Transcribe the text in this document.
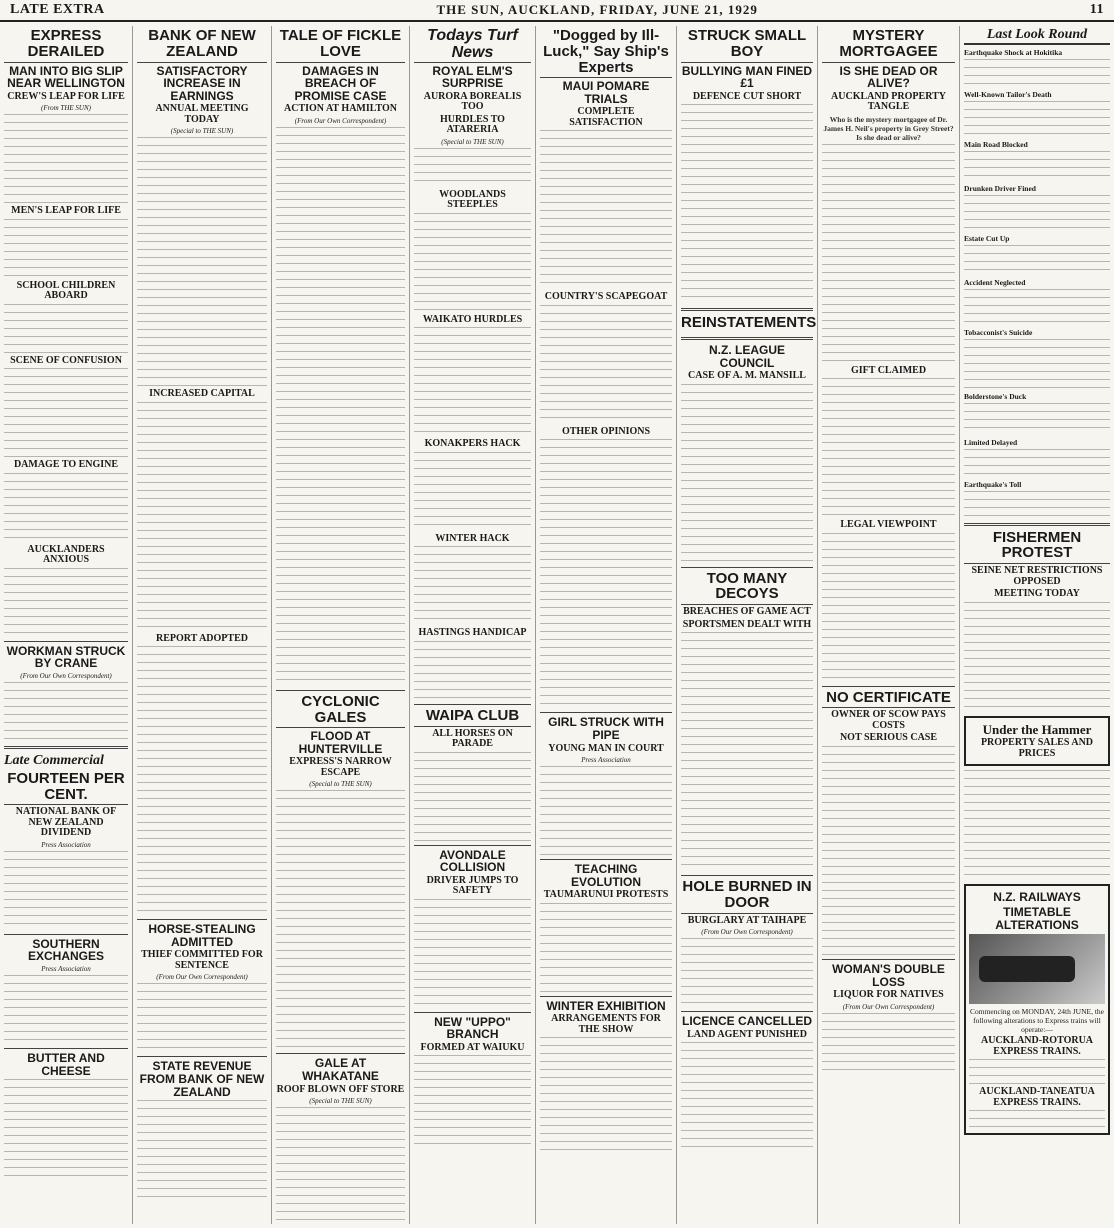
LATE EXTRA	THE SUN, AUCKLAND, FRIDAY, JUNE 21, 1929	11
EXPRESS DERAILED
MAN INTO BIG SLIP NEAR WELLINGTON
CREW'S LEAP FOR LIFE
(From THE SUN)
MEN'S LEAP FOR LIFE
SCHOOL CHILDREN ABOARD
SCENE OF CONFUSION
DAMAGE TO ENGINE
AUCKLANDERS ANXIOUS
WORKMAN STRUCK BY CRANE
(From Our Own Correspondent)
Late Commercial
FOURTEEN PER CENT.
NATIONAL BANK OF NEW ZEALAND DIVIDEND
Press Association
SOUTHERN EXCHANGES
Press Association
BUTTER AND CHEESE
BANK OF NEW ZEALAND
SATISFACTORY INCREASE IN EARNINGS
ANNUAL MEETING TODAY
(Special to THE SUN)
INCREASED CAPITAL
REPORT ADOPTED
HORSE-STEALING ADMITTED
THIEF COMMITTED FOR SENTENCE
(From Our Own Correspondent)
STATE REVENUE FROM BANK OF NEW ZEALAND
TALE OF FICKLE LOVE
DAMAGES IN BREACH OF PROMISE CASE
ACTION AT HAMILTON
(From Our Own Correspondent)
CYCLONIC GALES
FLOOD AT HUNTERVILLE
EXPRESS'S NARROW ESCAPE
(Special to THE SUN)
GALE AT WHAKATANE
ROOF BLOWN OFF STORE
(Special to THE SUN)
Todays Turf News
ROYAL ELM'S SURPRISE
AURORA BOREALIS TOO
HURDLES TO ATARERIA
(Special to THE SUN)
WOODLANDS STEEPLES
WAIKATO HURDLES
KONAKPERS HACK
WINTER HACK
HASTINGS HANDICAP
WAIPA CLUB
ALL HORSES ON PARADE
AVONDALE COLLISION
DRIVER JUMPS TO SAFETY
NEW "UPPO" BRANCH
FORMED AT WAIUKU
"Dogged by Ill-Luck," Say Ship's Experts
MAUI POMARE TRIALS
COMPLETE SATISFACTION
COUNTRY'S SCAPEGOAT
OTHER OPINIONS
GIRL STRUCK WITH PIPE
YOUNG MAN IN COURT
Press Association
TEACHING EVOLUTION
TAUMARUNUI PROTESTS
WINTER EXHIBITION
ARRANGEMENTS FOR THE SHOW
STRUCK SMALL BOY
BULLYING MAN FINED £1
DEFENCE CUT SHORT
REINSTATEMENTS
N.Z. LEAGUE COUNCIL
CASE OF A. M. MANSILL
TOO MANY DECOYS
BREACHES OF GAME ACT
SPORTSMEN DEALT WITH
HOLE BURNED IN DOOR
BURGLARY AT TAIHAPE
(From Our Own Correspondent)
LICENCE CANCELLED
LAND AGENT PUNISHED
MYSTERY MORTGAGEE
IS SHE DEAD OR ALIVE?
AUCKLAND PROPERTY TANGLE
Who is the mystery mortgagee of Dr. James H. Neil's property in Grey Street? Is she dead or alive?
GIFT CLAIMED
LEGAL VIEWPOINT
NO CERTIFICATE
OWNER OF SCOW PAYS COSTS
NOT SERIOUS CASE
WOMAN'S DOUBLE LOSS
LIQUOR FOR NATIVES
(From Our Own Correspondent)
Last Look Round
Earthquake Shock at Hokitika
Well-Known Tailor's Death
Main Road Blocked
Drunken Driver Fined
Estate Cut Up
Accident Neglected
Tobacconist's Suicide
Bolderstone's Duck
Limited Delayed
Earthquake's Toll
FISHERMEN PROTEST
SEINE NET RESTRICTIONS OPPOSED
MEETING TODAY
Under the Hammer
PROPERTY SALES AND PRICES
N.Z. RAILWAYS
TIMETABLE ALTERATIONS
Commencing on MONDAY, 24th JUNE, the following alterations to Express trains will operate:—
AUCKLAND-ROTORUA EXPRESS TRAINS.
AUCKLAND-TANEATUA EXPRESS TRAINS.
